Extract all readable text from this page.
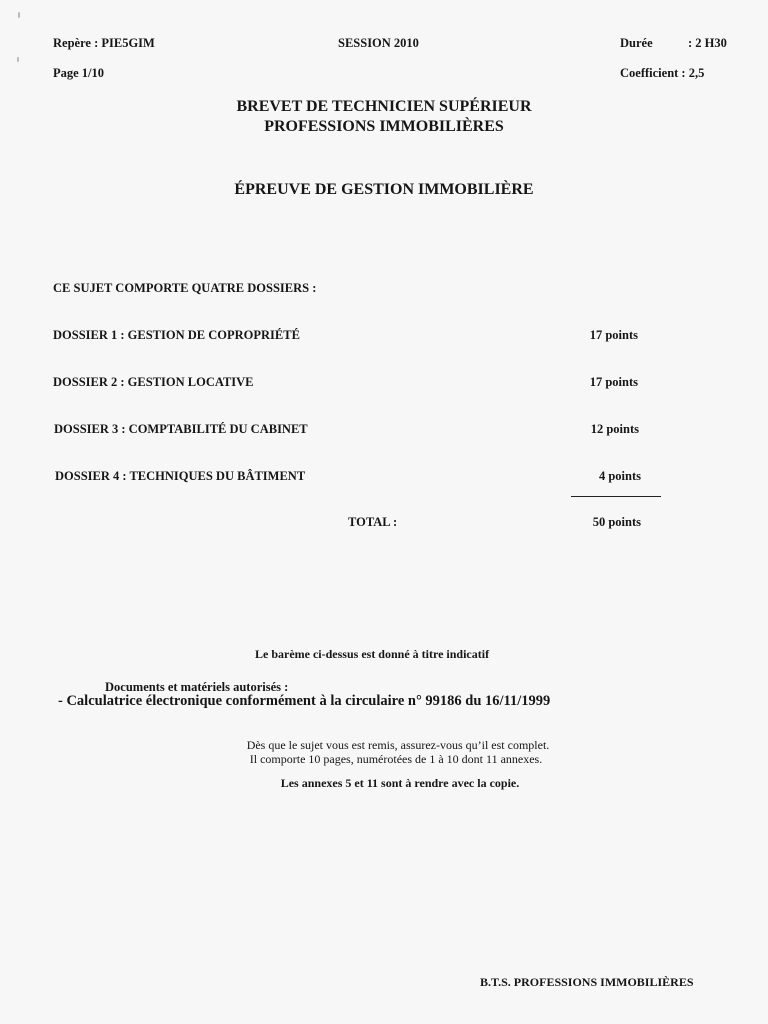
Repère : PIE5GIM	SESSION 2010	Durée	: 2 H30
Page 1/10	Coefficient : 2,5
BREVET DE TECHNICIEN SUPÉRIEUR
PROFESSIONS IMMOBILIÈRES
ÉPREUVE DE GESTION IMMOBILIÈRE
CE SUJET COMPORTE QUATRE DOSSIERS :
DOSSIER 1 : GESTION DE COPROPRIÉTÉ	17 points
DOSSIER 2 : GESTION LOCATIVE	17 points
DOSSIER 3 : COMPTABILITÉ DU CABINET	12 points
DOSSIER 4 : TECHNIQUES DU BÂTIMENT	4 points
TOTAL :	50 points
Le barème ci-dessus est donné à titre indicatif
Documents et matériels autorisés :
- Calculatrice électronique conformément à la circulaire n° 99186 du 16/11/1999
Dès que le sujet vous est remis, assurez-vous qu’il est complet.
Il comporte 10 pages, numérotées de 1 à 10 dont 11 annexes.
Les annexes 5 et 11 sont à rendre avec la copie.
B.T.S. PROFESSIONS IMMOBILIÈRES
